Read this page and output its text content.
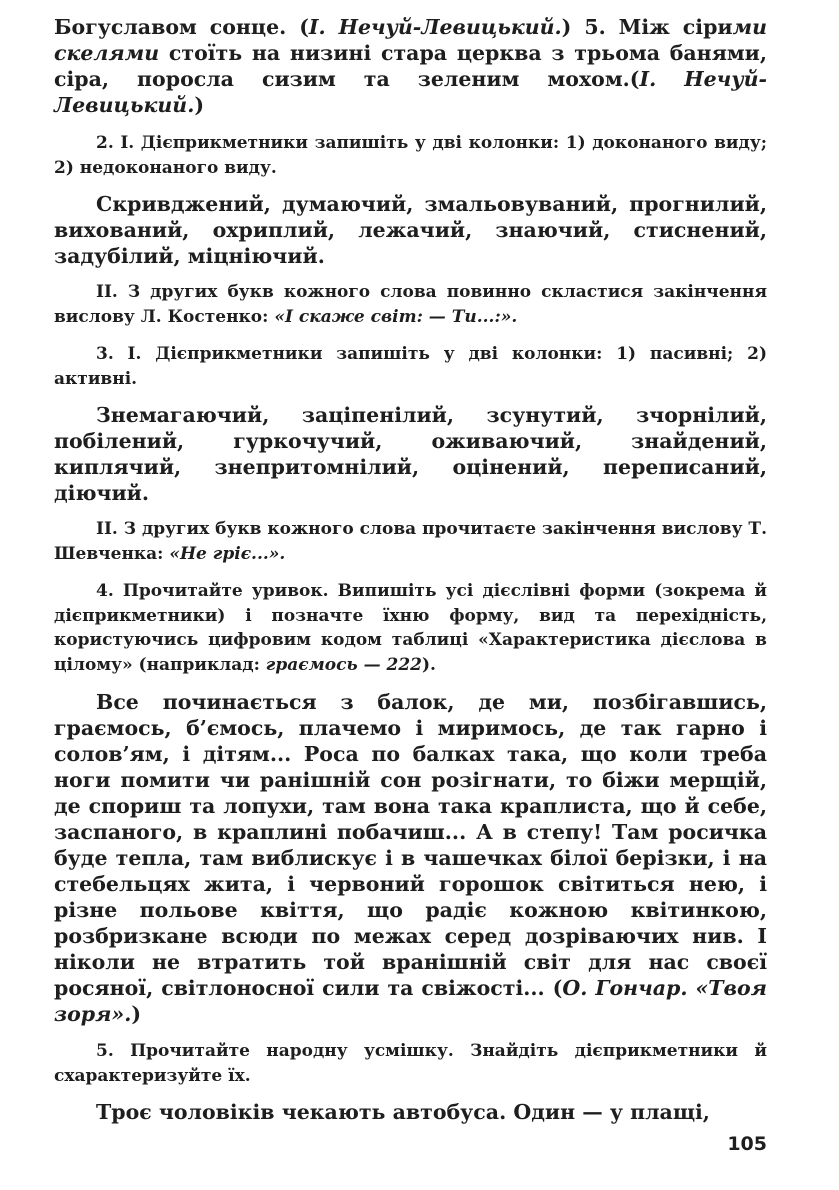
Богуславом сонце. (І. Нечуй-Левицький.) 5. Між сірими скелями стоїть на низині стара церква з трьома банями, сіра, поросла сизим та зеленим мохом.(І. Нечуй-Левицький.)

2. І. Дієприкметники запишіть у дві колонки: 1) доконаного виду; 2) недоконаного виду.

Скривджений, думаючий, змальовуваний, прогнилий, вихований, охриплий, лежачий, знаючий, стиснений, задубілий, міцніючий.

II. З других букв кожного слова повинно скластися закінчення вислову Л. Костенко: «І скаже світ: — Ти...:».

3. І. Дієприкметники запишіть у дві колонки: 1) пасивні; 2) активні.

Знемагаючий, заціпенілий, зсунутий, зчорнілий, побілений, гуркочучий, оживаючий, знайдений, киплячий, знепритомнілий, оцінений, переписаний, діючий.

II. З других букв кожного слова прочитаєте закінчення вислову Т. Шевченка: «Не гріє...».

4. Прочитайте уривок. Випишіть усі дієслівні форми (зокрема й дієприкметники) і позначте їхню форму, вид та перехідність, користуючись цифровим кодом таблиці «Характеристика дієслова в цілому» (наприклад: граємось — 222).

Все починається з балок, де ми, позбігавшись, граємось, б’ємось, плачемо і миримось, де так гарно і солов’ям, і дітям... Роса по балках така, що коли треба ноги помити чи ранішній сон розігнати, то біжи мерщій, де спориш та лопухи, там вона така краплиста, що й себе, заспаного, в краплині побачиш... А в степу! Там росичка буде тепла, там виблискує і в чашечках білої берізки, і на стебельцях жита, і червоний горошок світиться нею, і різне польове квіття, що радіє кожною квітинкою, розбризкане всюди по межах серед дозріваючих нив. І ніколи не втратить той вранішній світ для нас своєї росяної, світлоносної сили та свіжості... (О. Гончар. «Твоя зоря».)

5. Прочитайте народну усмішку. Знайдіть дієприкметники й схарактеризуйте їх.

Троє чоловіків чекають автобуса. Один — у плащі,

105
